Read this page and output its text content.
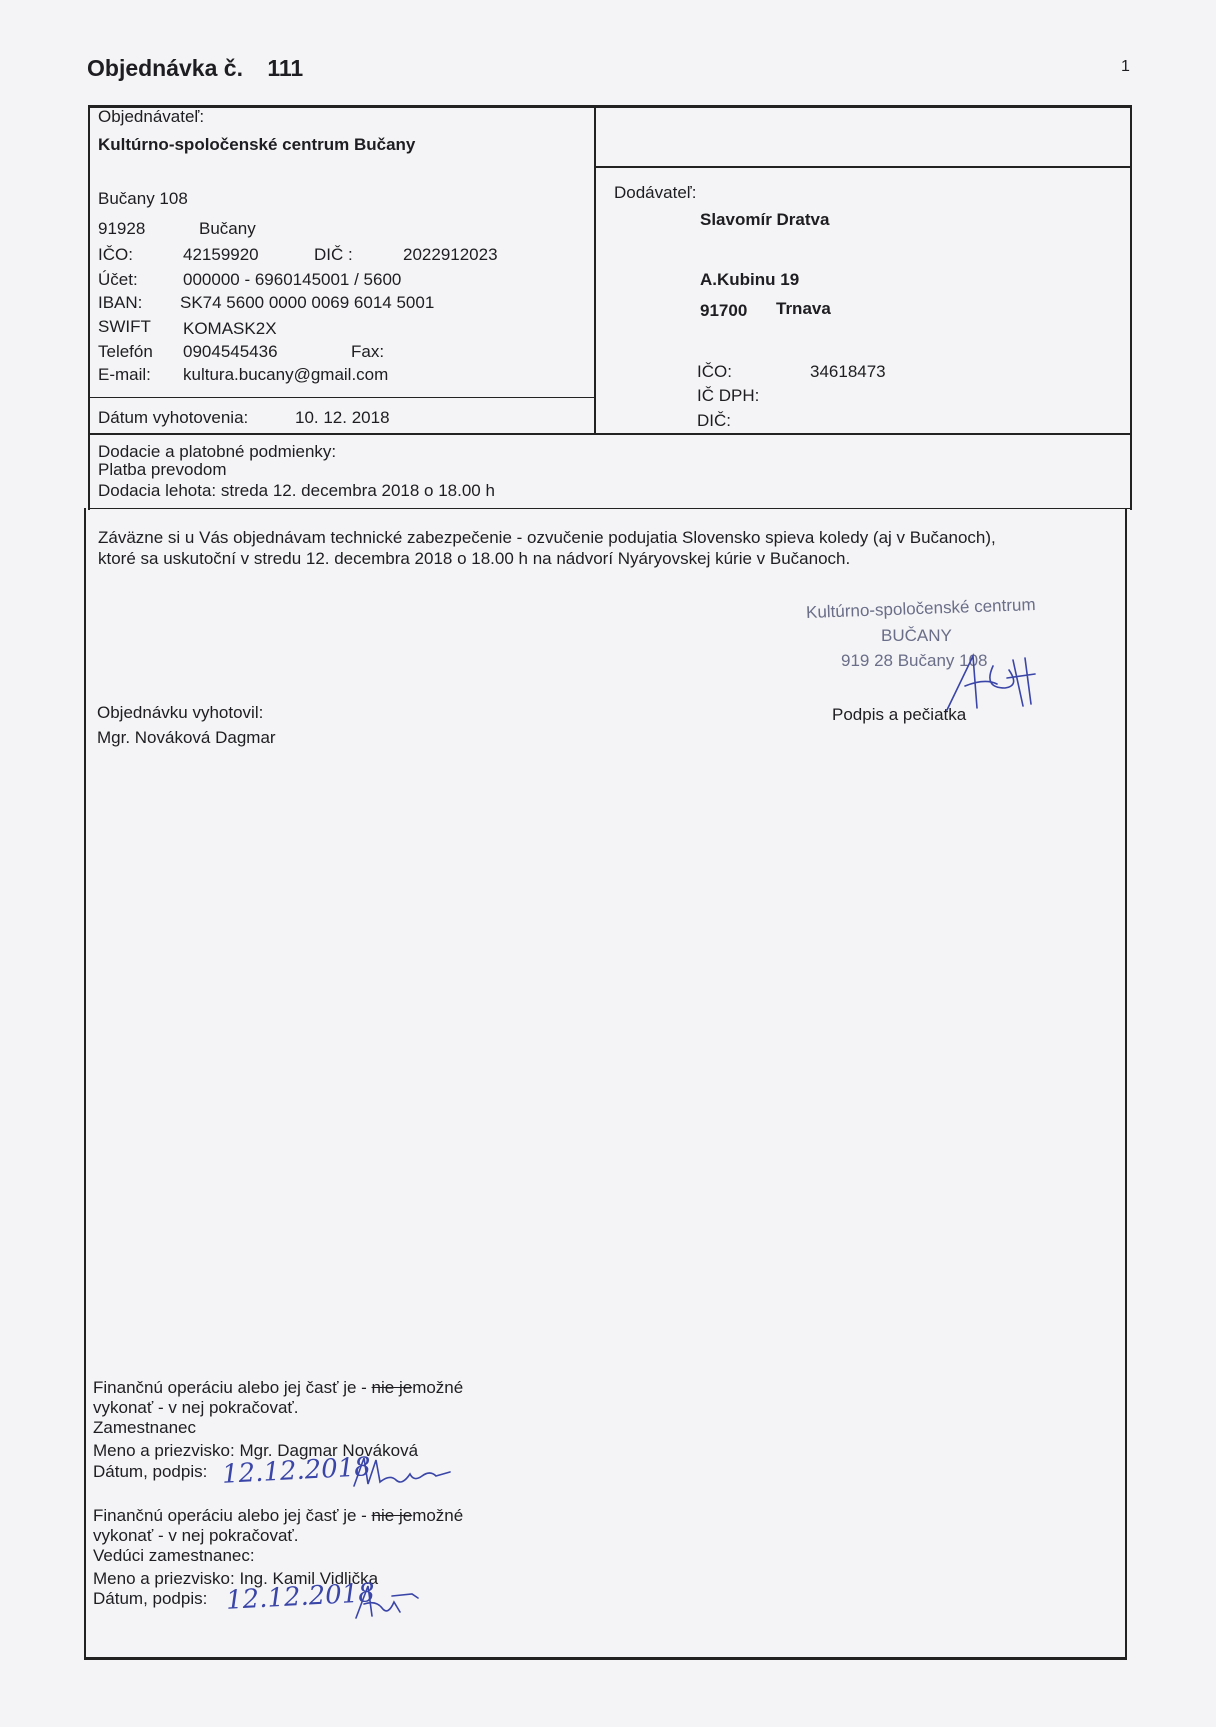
Objednávka č. 111	1
Objednávateľ:
Kultúrno-spoločenské centrum Bučany
Bučany 108
91928	Bučany
IČO:	42159920	DIČ :	2022912023
Účet:	000000 - 6960145001 / 5600
IBAN: SK74 5600 0000 0069 6014 5001
SWIFT KOMASK2X
Telefón 0904545436	Fax:
E-mail: kultura.bucany@gmail.com
Dátum vyhotovenia:	10. 12. 2018
Dodávateľ:
Slavomír Dratva
A.Kubinu 19
91700 Trnava
IČO:	34618473
IČ DPH:
DIČ:
Dodacie a platobné podmienky:
Platba prevodom
Dodacia lehota: streda 12. decembra 2018 o 18.00 h
Záväzne si u Vás objednávam technické zabezpečenie - ozvučenie podujatia Slovensko spieva koledy (aj v Bučanoch),
ktoré sa uskutoční v stredu 12. decembra 2018 o 18.00 h na nádvorí Nyáryovskej kúrie v Bučanoch.
Kultúrno-spoločenské centrum
BUČANY
919 28 Bučany 108
Objednávku vyhotovil:
Mgr. Nováková Dagmar
Podpis a pečiatka
Finančnú operáciu alebo jej časť je - nie jemožné
vykonať - v nej pokračovať.
Zamestnanec
Meno a priezvisko: Mgr. Dagmar Nováková
Dátum, podpis: 12.12.2018
Finančnú operáciu alebo jej časť je - nie jemožné
vykonať - v nej pokračovať.
Vedúci zamestnanec:
Meno a priezvisko: Ing. Kamil Vidlička
Dátum, podpis: 12.12.2018
